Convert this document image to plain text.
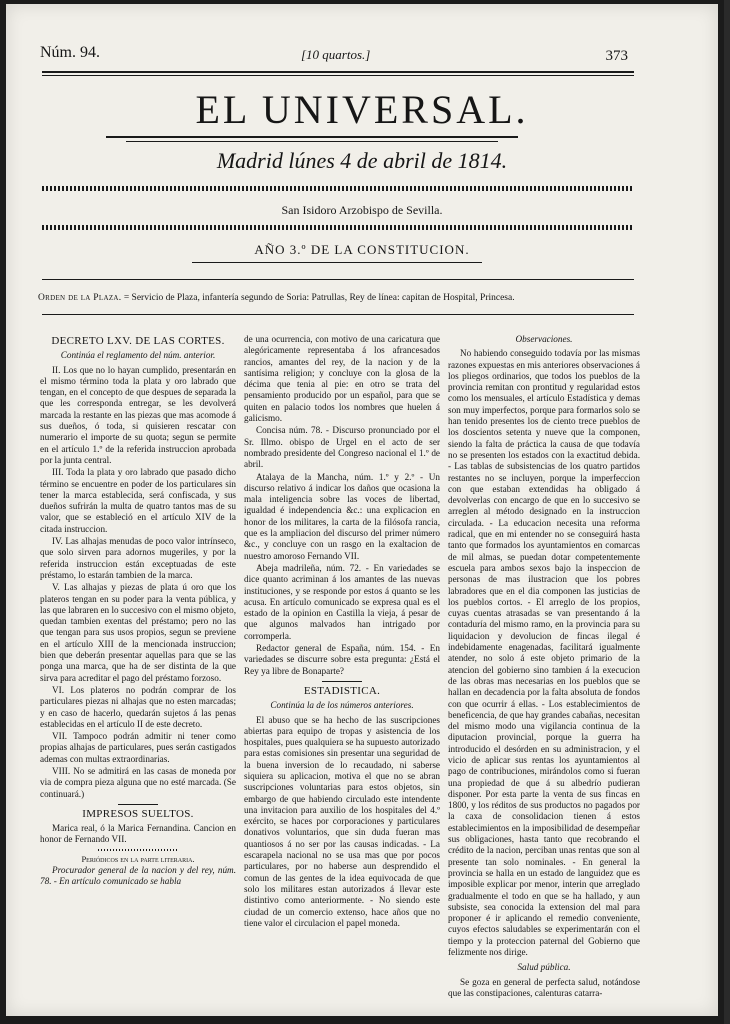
Núm. 94.	[10 quartos.]	373
EL UNIVERSAL.
Madrid lúnes 4 de abril de 1814.
San Isidoro Arzobispo de Sevilla.
AÑO 3.º DE LA CONSTITUCION.
Orden de la Plaza. = Servicio de Plaza, infantería segundo de Soria: Patrullas, Rey de línea: capitan de Hospital, Princesa.
DECRETO LXV. DE LAS CORTES.
Continúa el reglamento del núm. anterior.

II. Los que no lo hayan cumplido, presentarán en el mismo término toda la plata y oro labrado que tengan, en el concepto de que despues de separada la que les corresponda entregar, se les devolverá marcada la restante en las piezas que mas acomode á sus dueños, ó toda, si quisieren rescatar con numerario el importe de su quota; segun se permite en el artículo 1.º de la referida instruccion aprobada por la junta central.

III. Toda la plata y oro labrado que pasado dicho término se encuentre en poder de los particulares sin tener la marca establecida, será confiscada, y sus dueños sufrirán la multa de quatro tantos mas de su valor, que se estableció en el artículo XIV de la citada instruccion.

IV. Las alhajas menudas de poco valor intrínseco, que solo sirven para adornos mugeriles, y por la referida instruccion están exceptuadas de este préstamo, lo estarán tambien de la marca.

V. Las alhajas y piezas de plata ú oro que los plateros tengan en su poder para la venta pública, y las que labraren en lo succesivo con el mismo objeto, quedan tambien exentas del préstamo; pero no las que tengan para sus usos propios, segun se previene en el artículo XIII de la mencionada instruccion; bien que deberán presentar aquellas para que se las ponga una marca, que ha de ser distinta de la que sirva para acreditar el pago del préstamo forzoso.

VI. Los plateros no podrán comprar de los particulares piezas ni alhajas que no esten marcadas; y en caso de hacerlo, quedarán sujetos á las penas establecidas en el artículo II de este decreto.

VII. Tampoco podrán admitir ni tener como propias alhajas de particulares, pues serán castigados ademas con multas extraordinarias.

VIII. No se admitirá en las casas de moneda por via de compra pieza alguna que no esté marcada. (Se continuará.)

IMPRESOS SUELTOS.

Marica real, ó la Marica Fernandina. Cancion en honor de Fernando VII.

Periódicos en la parte literaria.

Procurador general de la nacion y del rey, núm. 78. - En artículo comunicado se habla

de una ocurrencia, con motivo de una caricatura que alegóricamente representaba á los afrancesados rancios, amantes del rey, de la nacion y de la santísima religion; y concluye con la glosa de la décima que tenia al pie: en otro se trata del pensamiento producido por un español, para que se quiten en palacio todos los nombres que huelen á galicismo.

Concisa núm. 78. - Discurso pronunciado por el Sr. Illmo. obispo de Urgel en el acto de ser nombrado presidente del Congreso nacional el 1.º de abril.

Atalaya de la Mancha, núm. 1.º y 2.º - Un discurso relativo á indicar los daños que ocasiona la mala inteligencia sobre las voces de libertad, igualdad é independencia &c.: una explicacion en honor de los militares, la carta de la filósofa rancia, que es la ampliacion del discurso del primer número &c., y concluye con un rasgo en la exaltacion de nuestro amoroso Fernando VII.

Abeja madrileña, núm. 72. - En variedades se dice quanto acriminan á los amantes de las nuevas instituciones, y se responde por estos á quanto se les acusa. En artículo comunicado se expresa qual es el estado de la opinion en Castilla la vieja, á pesar de que algunos malvados han intrigado por corromperla.

Redactor general de España, núm. 154. - En variedades se discurre sobre esta pregunta: ¿Está el Rey ya libre de Bonaparte?

ESTADISTICA.
Continúa la de los números anteriores.

El abuso que se ha hecho de las suscripciones abiertas para equipo de tropas y asistencia de los hospitales, pues qualquiera se ha supuesto autorizado para estas comisiones sin presentar una seguridad de la buena inversion de lo recaudado, ni saberse siquiera su aplicacion, motiva el que no se abran suscripciones voluntarias para estos objetos, sin embargo de que habiendo circulado este intendente una invitacion para auxilio de los hospitales del 4.º exército, se haces por corporaciones y particulares donativos voluntarios, que sin duda fueran mas quantiosos á no ser por las causas indicadas. - La escarapela nacional no se usa mas que por pocos particulares, por no haberse aun desprendido el comun de las gentes de la idea equivocada de que solo los militares estan autorizados á llevar este distintivo como anteriormente. - No siendo este ciudad de un comercio extenso, hace años que no tiene valor el circulacion el papel moneda.

Observaciones.

No habiendo conseguido todavía por las mismas razones expuestas en mis anteriores observaciones á los pliegos ordinarios, que todos los pueblos de la provincia remitan con prontitud y regularidad estos como los mensuales, el artículo Estadística y demas son muy imperfectos, porque para formarlos solo se han tenido presentes los de ciento trece pueblos de los doscientos setenta y nueve que la componen, siendo la falta de práctica la causa de que todavía no se presenten los estados con la exactitud debida. - Las tablas de subsistencias de los quatro partidos restantes no se incluyen, porque la imperfeccion con que estaban extendidas ha obligado á devolverlas con encargo de que en lo succesivo se arreglen al método designado en la instruccion circulada. - La educacion necesita una reforma radical, que en mi entender no se conseguirá hasta tanto que formados los ayuntamientos en comarcas de mil almas, se puedan dotar competentemente escuela para ambos sexos bajo la inspeccion de personas de mas ilustracion que los pobres labradores que en el dia componen las justicias de los pueblos cortos. - El arreglo de los propios, cuyas cuentas atrasadas se van presentando á la contaduría del mismo ramo, en la provincia para su liquidacion y devolucion de fincas ilegal é indebidamente enagenadas, facilitará igualmente atender, no solo á este objeto primario de la atencion del gobierno sino tambien á la execucion de las obras mas necesarias en los pueblos que se hallan en decadencia por la falta absoluta de fondos con que ocurrir á ellas. - Los establecimientos de beneficencia, de que hay grandes cabañas, necesitan del mismo modo una vigilancia continua de la diputacion provincial, porque la guerra ha introducido el desórden en su administracion, y el vicio de aplicar sus rentas los ayuntamientos al pago de contribuciones, mirándolos como si fueran una propiedad de que á su albedrío pudieran disponer. Por esta parte la venta de sus fincas en 1800, y los réditos de sus productos no pagados por la caxa de consolidacion tienen á estos establecimientos en la imposibilidad de desempeñar sus obligaciones, hasta tanto que recobrando el crédito de la nacion, perciban unas rentas que son al presente tan solo nominales. - En general la provincia se halla en un estado de languidez que es imposible explicar por menor, interin que arreglado gradualmente el todo en que se ha hallado, y aun subsiste, sea conocida la extension del mal para proponer é ir aplicando el remedio conveniente, cuyos efectos saludables se experimentarán con el tiempo y la proteccion paternal del Gobierno que felizmente nos dirige.

Salud pública.

Se goza en general de perfecta salud, notándose que las constipaciones, calenturas catarra-
